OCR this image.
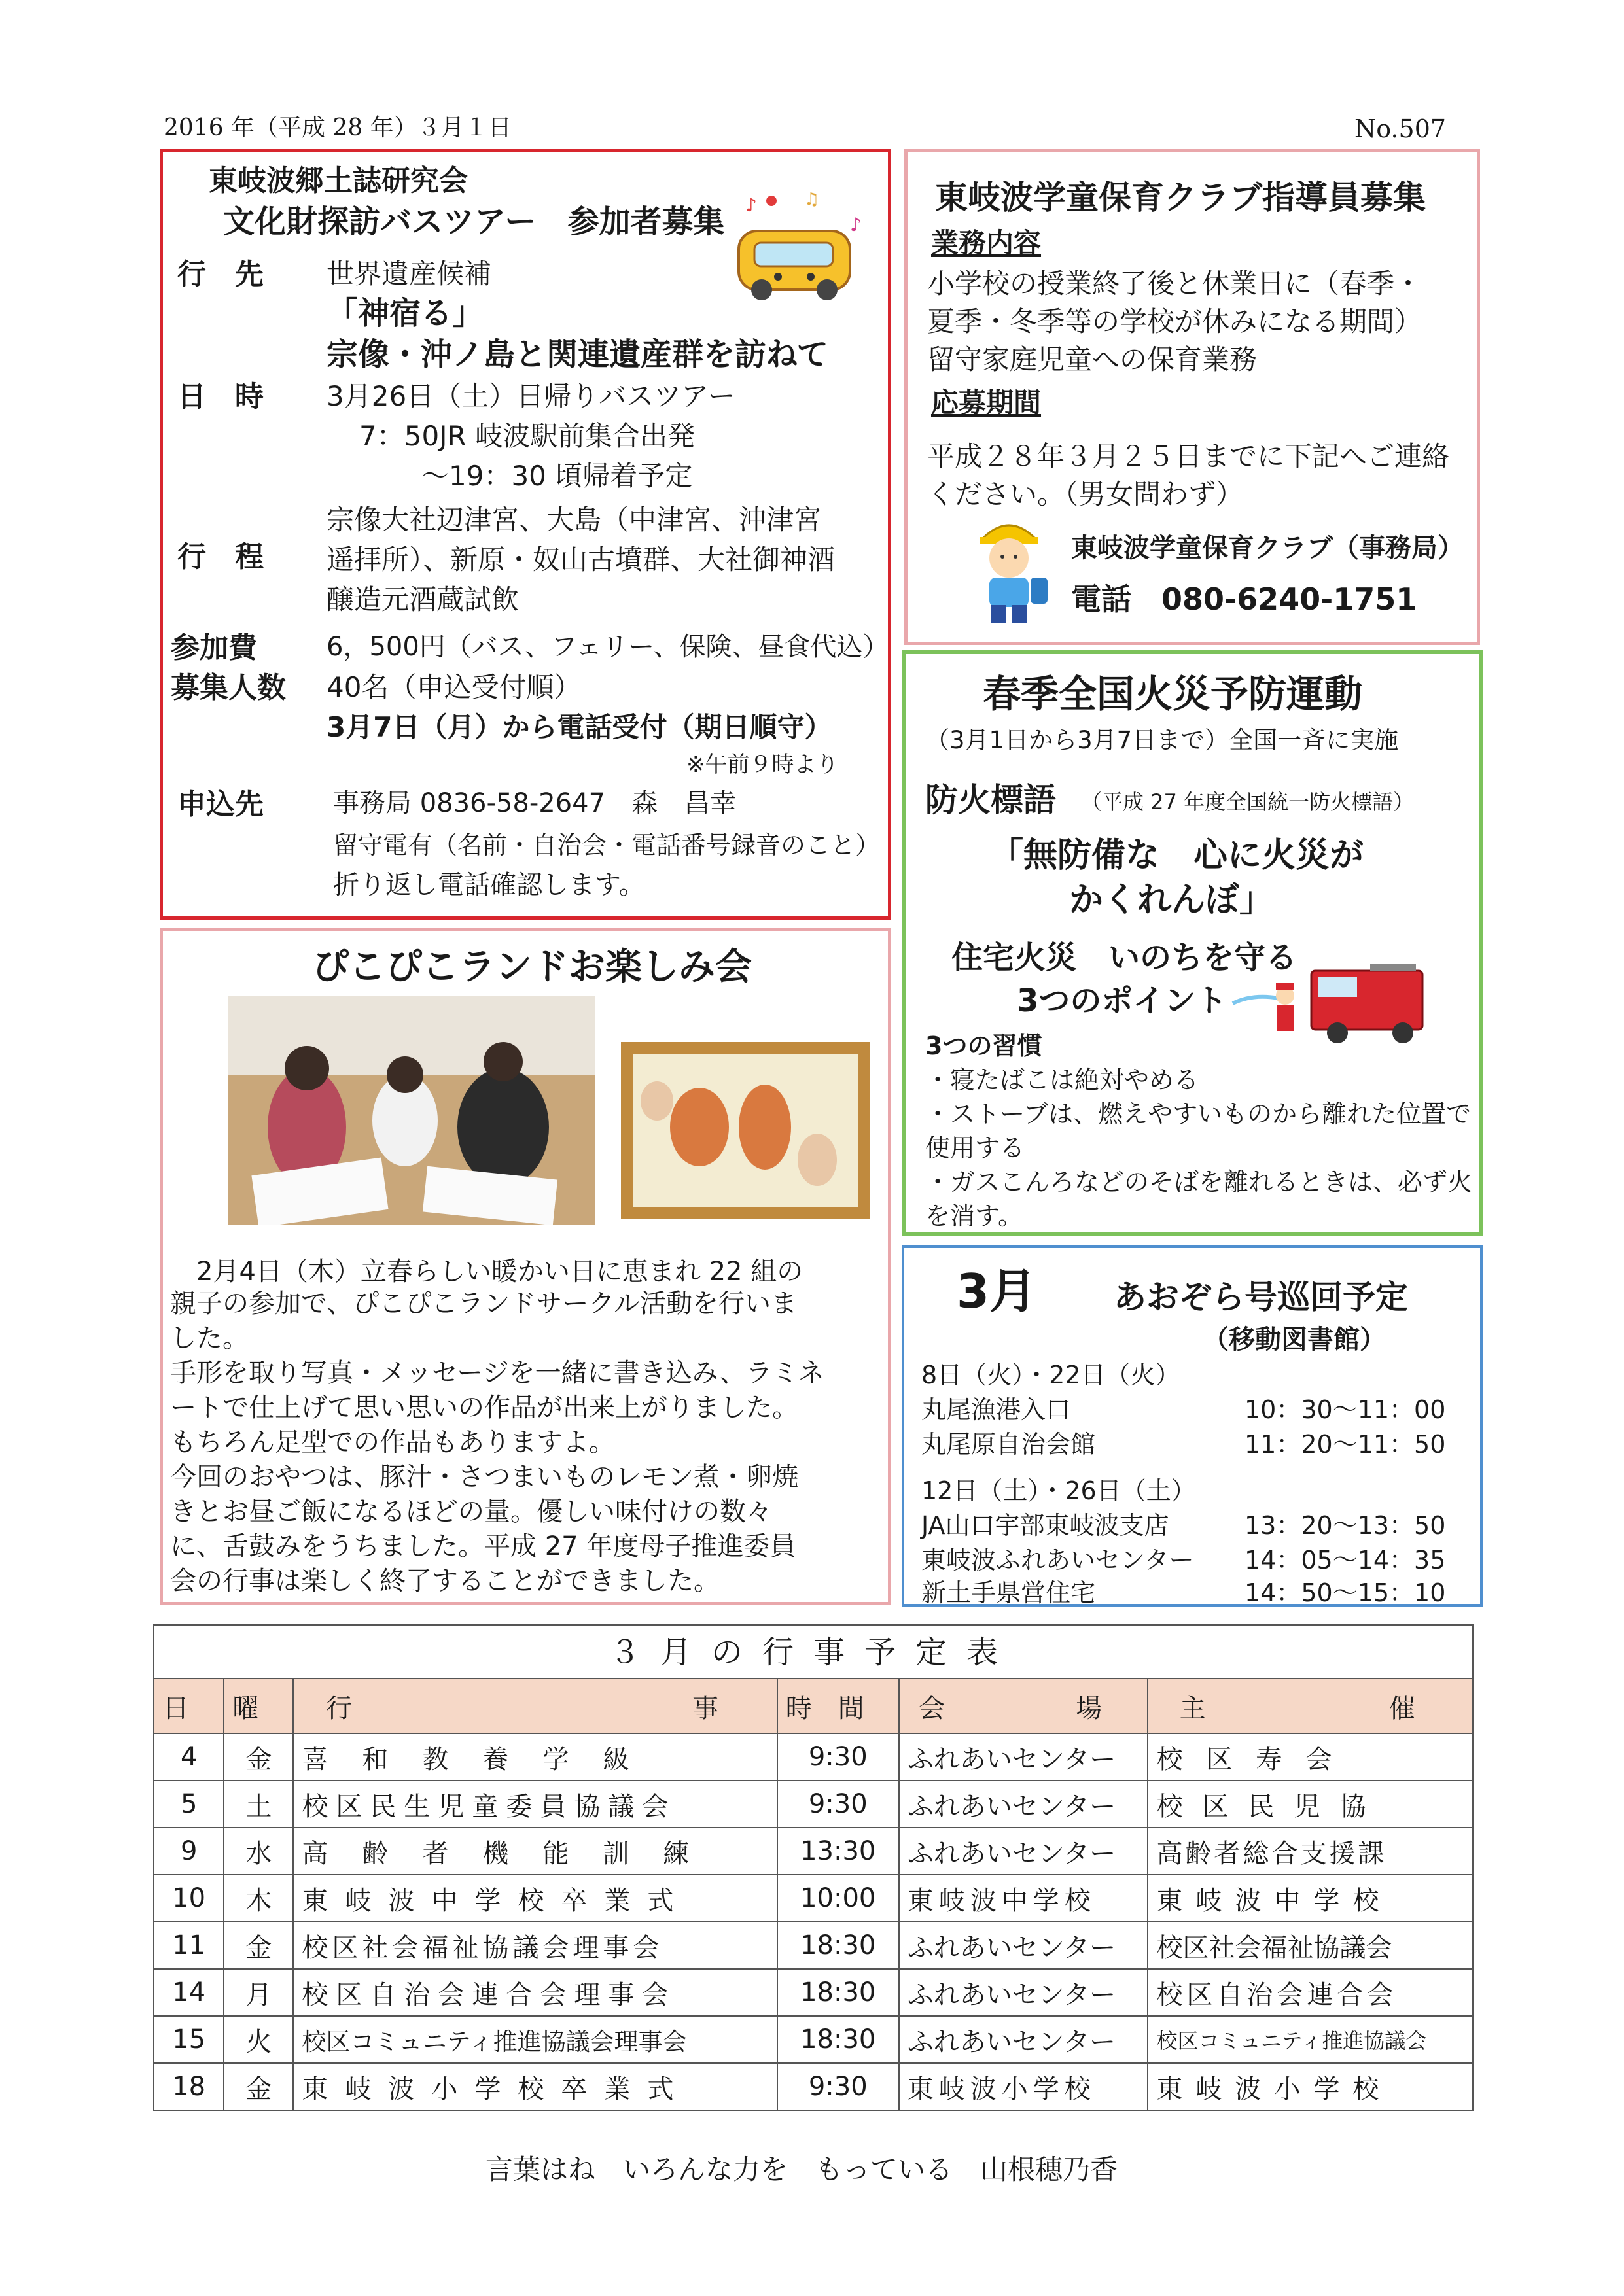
2016 年（平成 28 年）３月１日	No.507
東岐波郷土誌研究会
文化財探訪バスツアー　参加者募集 ♪	♫
♪
行　先 世界遺産候補
「神宿る」
宗像・沖ノ島と関連遺産群を訪ねて
日　時 3月26日（土）日帰りバスツアー
7：50JR 岐波駅前集合出発
～19：30 頃帰着予定
行　程
宗像大社辺津宮、大島（中津宮、沖津宮
遥拝所）、新原・奴山古墳群、大社御神酒
醸造元酒蔵試飲
参加費	6，500円（バス、フェリー、保険、昼食代込）
募集人数 40名（申込受付順）
3月7日（月）から電話受付（期日順守）
※午前９時より
申込先	事務局 0836-58-2647　森　昌幸
留守電有（名前・自治会・電話番号録音のこと）
折り返し電話確認します。
東岐波学童保育クラブ指導員募集
業務内容
小学校の授業終了後と休業日に（春季・
夏季・冬季等の学校が休みになる期間）
留守家庭児童への保育業務
応募期間
平成２８年３月２５日までに下記へご連絡
ください。（男女問わず）
東岐波学童保育クラブ（事務局）
電話　080-6240-1751
春季全国火災予防運動
（3月1日から3月7日まで）全国一斉に実施
防火標語 （平成 27 年度全国統一防火標語）
「無防備な　心に火災が
かくれんぼ」
住宅火災　いのちを守る
3つのポイント
3つの習慣
・寝たばこは絶対やめる
・ストーブは、燃えやすいものから離れた位置で
使用する
・ガスこんろなどのそばを離れるときは、必ず火
を消す。
ぴこぴこランドお楽しみ会
　2月4日（木）立春らしい暖かい日に恵まれ 22 組の
親子の参加で、ぴこぴこランドサークル活動を行いま
した。
手形を取り写真・メッセージを一緒に書き込み、ラミネ
ートで仕上げて思い思いの作品が出来上がりました。
もちろん足型での作品もありますよ。
今回のおやつは、豚汁・さつまいものレモン煮・卵焼
きとお昼ご飯になるほどの量。優しい味付けの数々
に、舌鼓みをうちました。平成 27 年度母子推進委員
会の行事は楽しく終了することができました。
3月 あおぞら号巡回予定
（移動図書館）
8日（火）・22日（火）
丸尾漁港入口	10：30～11：00
丸尾原自治会館	11：20～11：50
12日（土）・26日（土）
JA山口宇部東岐波支店	13：20～13：50
東岐波ふれあいセンター 14：05～14：35
新土手県営住宅	14：50～15：10
３月の行事予定表
日	曜	行　　　　　　事	時間	会　　場	主　　　催
4	金	喜和教養学級	9:30	ふれあいセンター	校区寿会
5	土	校区民生児童委員協議会	9:30	ふれあいセンター	校区民児協
9	水	高齢者機能訓練	13:30	ふれあいセンター	高齢者総合支援課
10	木	東岐波中学校卒業式	10:00	東岐波中学校	東岐波中学校
11	金	校区社会福祉協議会理事会	18:30	ふれあいセンター	校区社会福祉協議会
14	月	校区自治会連合会理事会	18:30	ふれあいセンター	校区自治会連合会
15	火	校区コミュニティ推進協議会理事会	18:30	ふれあいセンター	校区コミュニティ推進協議会
18	金	東岐波小学校卒業式	9:30	東岐波小学校	東岐波小学校
言葉はね　いろんな力を　もっている　山根穂乃香
